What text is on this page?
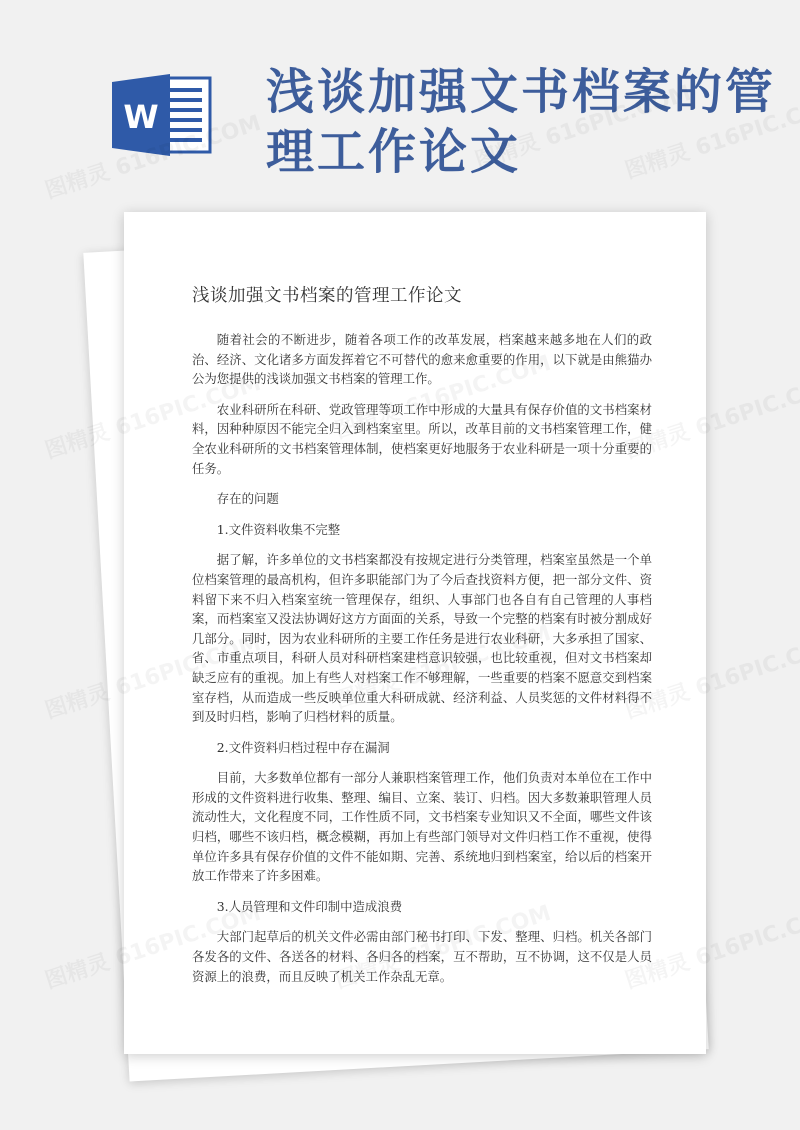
W 浅谈加强文书档案的管理工作论文
浅谈加强文书档案的管理工作论文

随着社会的不断进步，随着各项工作的改革发展，档案越来越多地在人们的政治、经济、文化诸多方面发挥着它不可替代的愈来愈重要的作用，以下就是由熊猫办公为您提供的浅谈加强文书档案的管理工作。

农业科研所在科研、党政管理等项工作中形成的大量具有保存价值的文书档案材料，因种种原因不能完全归入到档案室里。所以，改革目前的文书档案管理工作，健全农业科研所的文书档案管理体制，使档案更好地服务于农业科研是一项十分重要的任务。

存在的问题

1.文件资料收集不完整

据了解，许多单位的文书档案都没有按规定进行分类管理，档案室虽然是一个单位档案管理的最高机构，但许多职能部门为了今后查找资料方便，把一部分文件、资料留下来不归入档案室统一管理保存，组织、人事部门也各自有自己管理的人事档案，而档案室又没法协调好这方方面面的关系，导致一个完整的档案有时被分割成好几部分。同时，因为农业科研所的主要工作任务是进行农业科研，大多承担了国家、省、市重点项目，科研人员对科研档案建档意识较强，也比较重视，但对文书档案却缺乏应有的重视。加上有些人对档案工作不够理解，一些重要的档案不愿意交到档案室存档，从而造成一些反映单位重大科研成就、经济利益、人员奖惩的文件材料得不到及时归档，影响了归档材料的质量。

2.文件资料归档过程中存在漏洞

目前，大多数单位都有一部分人兼职档案管理工作，他们负责对本单位在工作中形成的文件资料进行收集、整理、编目、立案、装订、归档。因大多数兼职管理人员流动性大，文化程度不同，工作性质不同，文书档案专业知识又不全面，哪些文件该归档，哪些不该归档，概念模糊，再加上有些部门领导对文件归档工作不重视，使得单位许多具有保存价值的文件不能如期、完善、系统地归到档案室，给以后的档案开放工作带来了许多困难。

3.人员管理和文件印制中造成浪费

大部门起草后的机关文件必需由部门秘书打印、下发、整理、归档。机关各部门各发各的文件、各送各的材料、各归各的档案，互不帮助，互不协调，这不仅是人员资源上的浪费，而且反映了机关工作杂乱无章。
